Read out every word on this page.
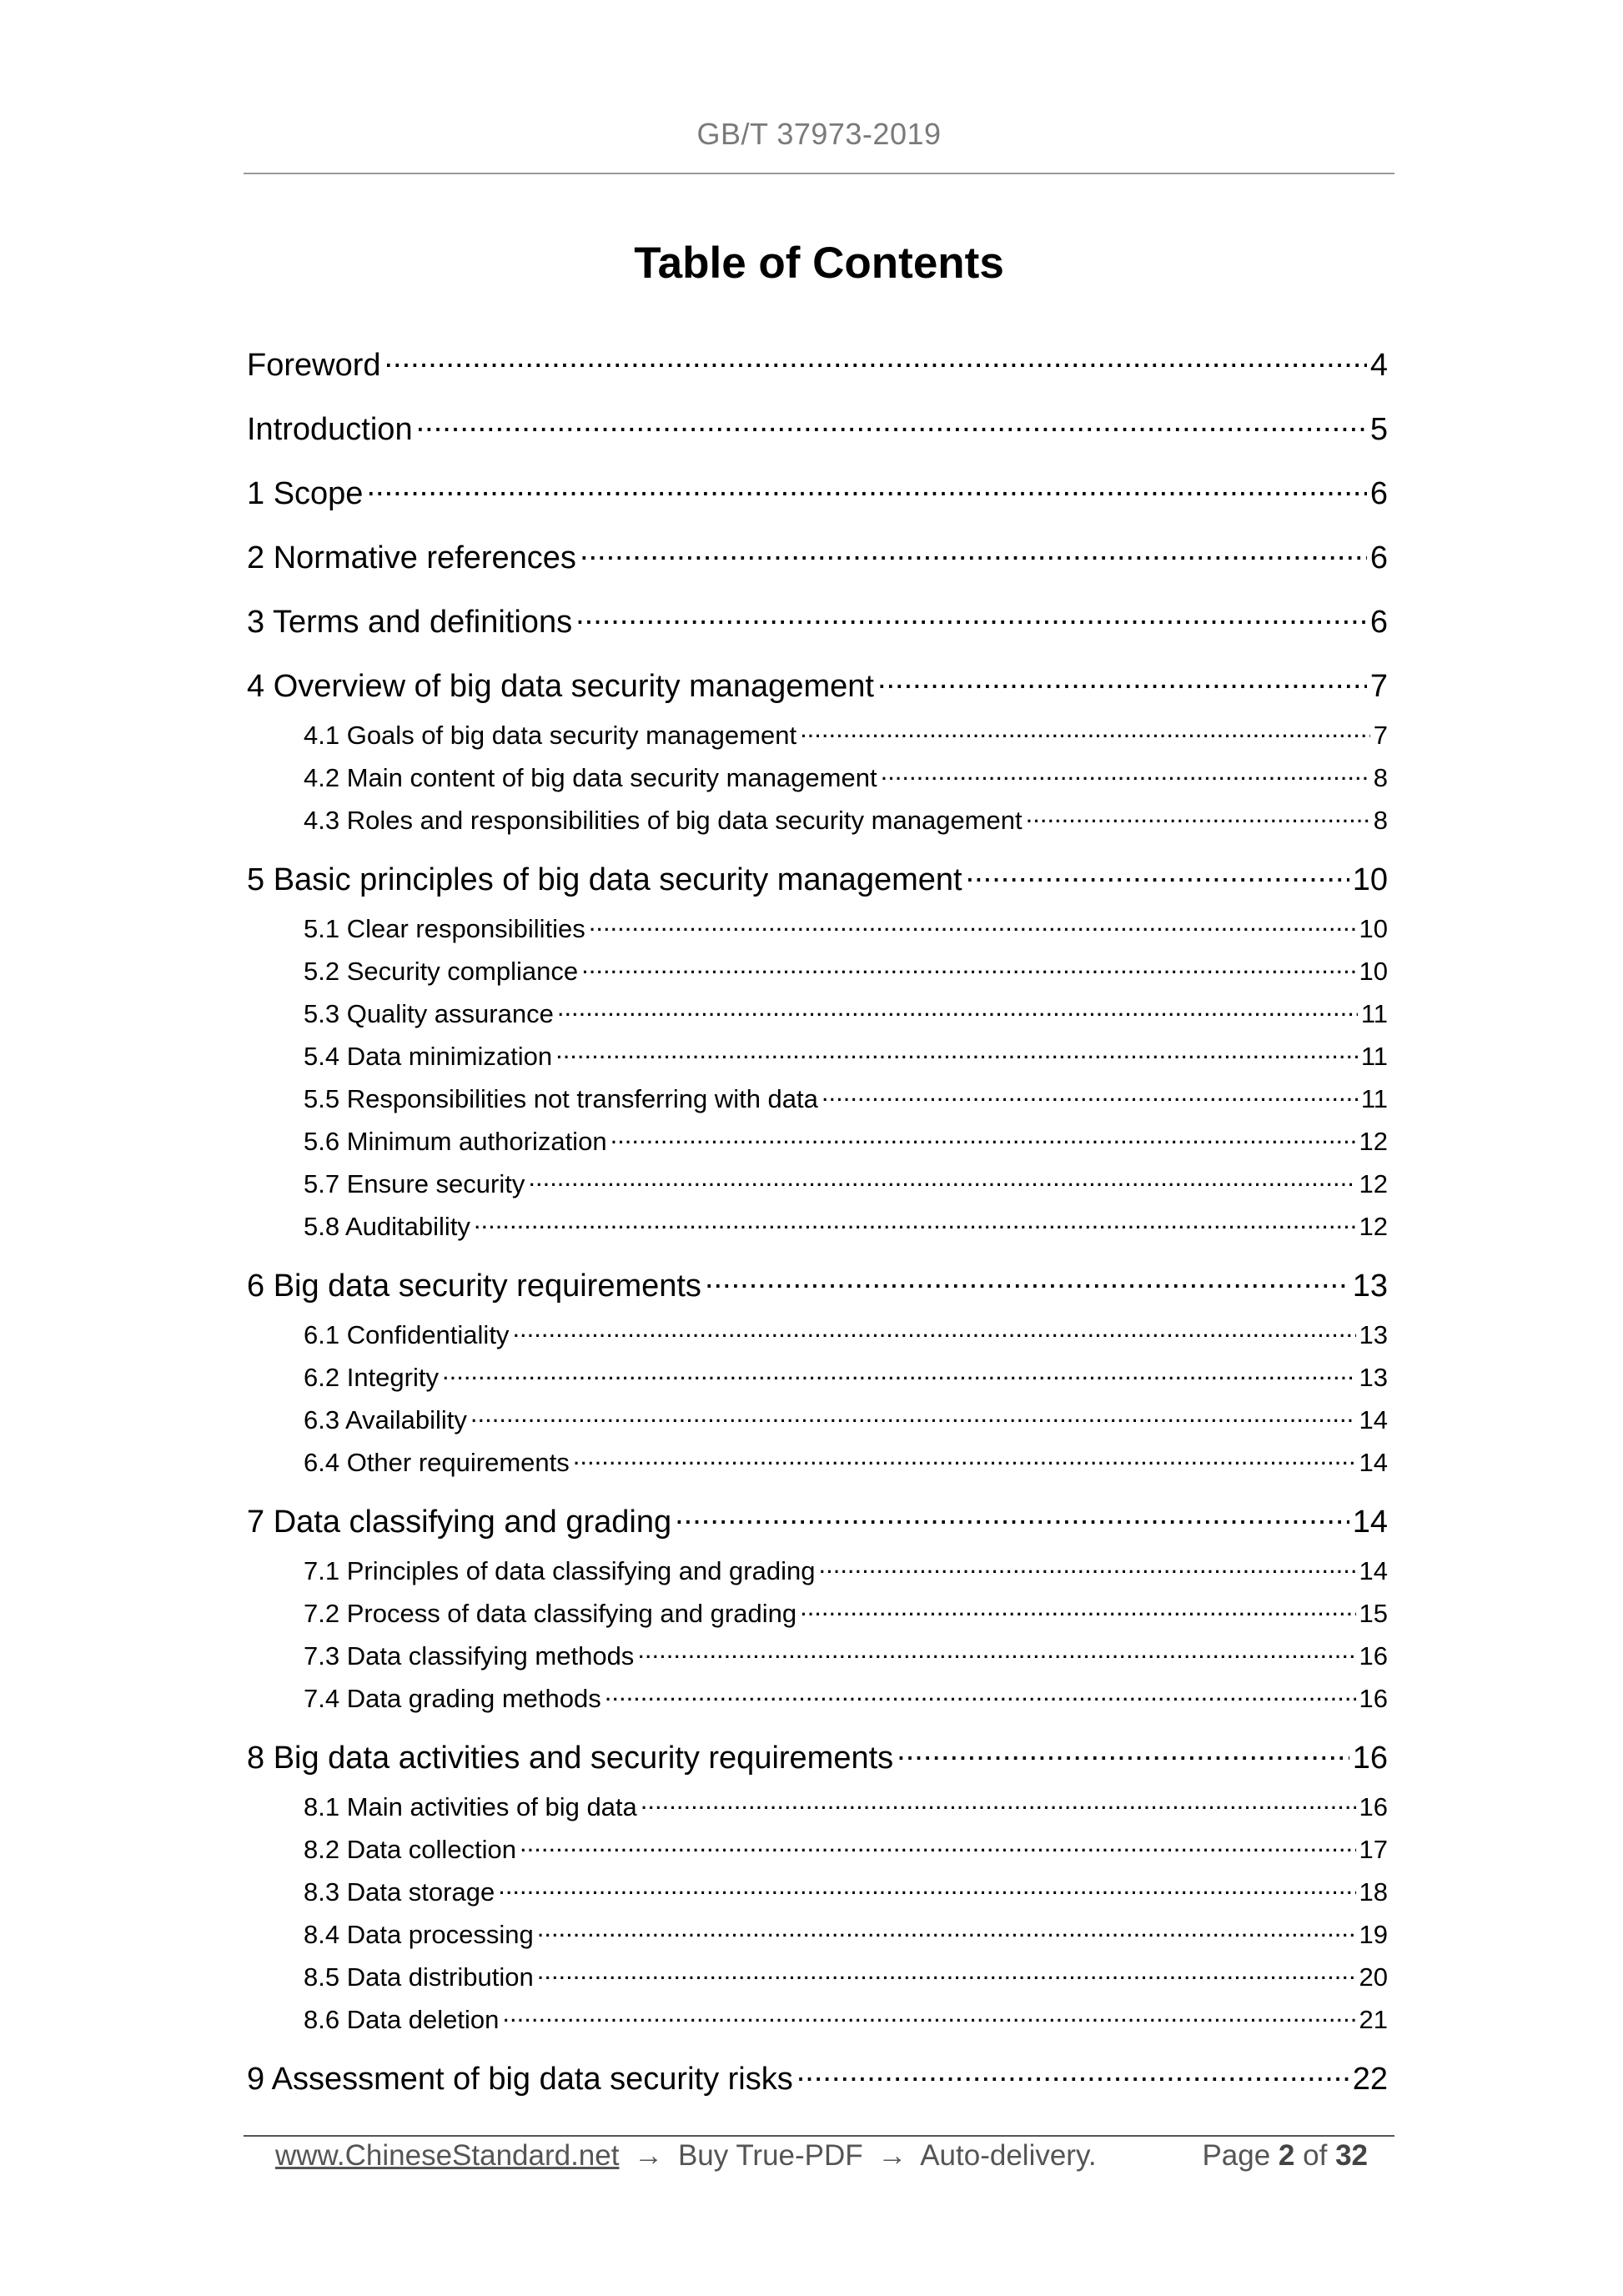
GB/T 37973-2019
Table of Contents
Foreword .....	4
Introduction .....	5
1 Scope .....	6
2 Normative references .....	6
3 Terms and definitions .....	6
4 Overview of big data security management .....	7
4.1 Goals of big data security management .....	7
4.2 Main content of big data security management .....	8
4.3 Roles and responsibilities of big data security management .....	8
5 Basic principles of big data security management .....	10
5.1 Clear responsibilities .....	10
5.2 Security compliance .....	10
5.3 Quality assurance .....	11
5.4 Data minimization .....	11
5.5 Responsibilities not transferring with data .....	11
5.6 Minimum authorization .....	12
5.7 Ensure security .....	12
5.8 Auditability .....	12
6 Big data security requirements .....	13
6.1 Confidentiality .....	13
6.2 Integrity .....	13
6.3 Availability .....	14
6.4 Other requirements .....	14
7 Data classifying and grading .....	14
7.1 Principles of data classifying and grading .....	14
7.2 Process of data classifying and grading .....	15
7.3 Data classifying methods .....	16
7.4 Data grading methods .....	16
8 Big data activities and security requirements .....	16
8.1 Main activities of big data .....	16
8.2 Data collection .....	17
8.3 Data storage .....	18
8.4 Data processing .....	19
8.5 Data distribution .....	20
8.6 Data deletion .....	21
9 Assessment of big data security risks .....	22
www.ChineseStandard.net → Buy True-PDF → Auto-delivery.	Page 2 of 32
